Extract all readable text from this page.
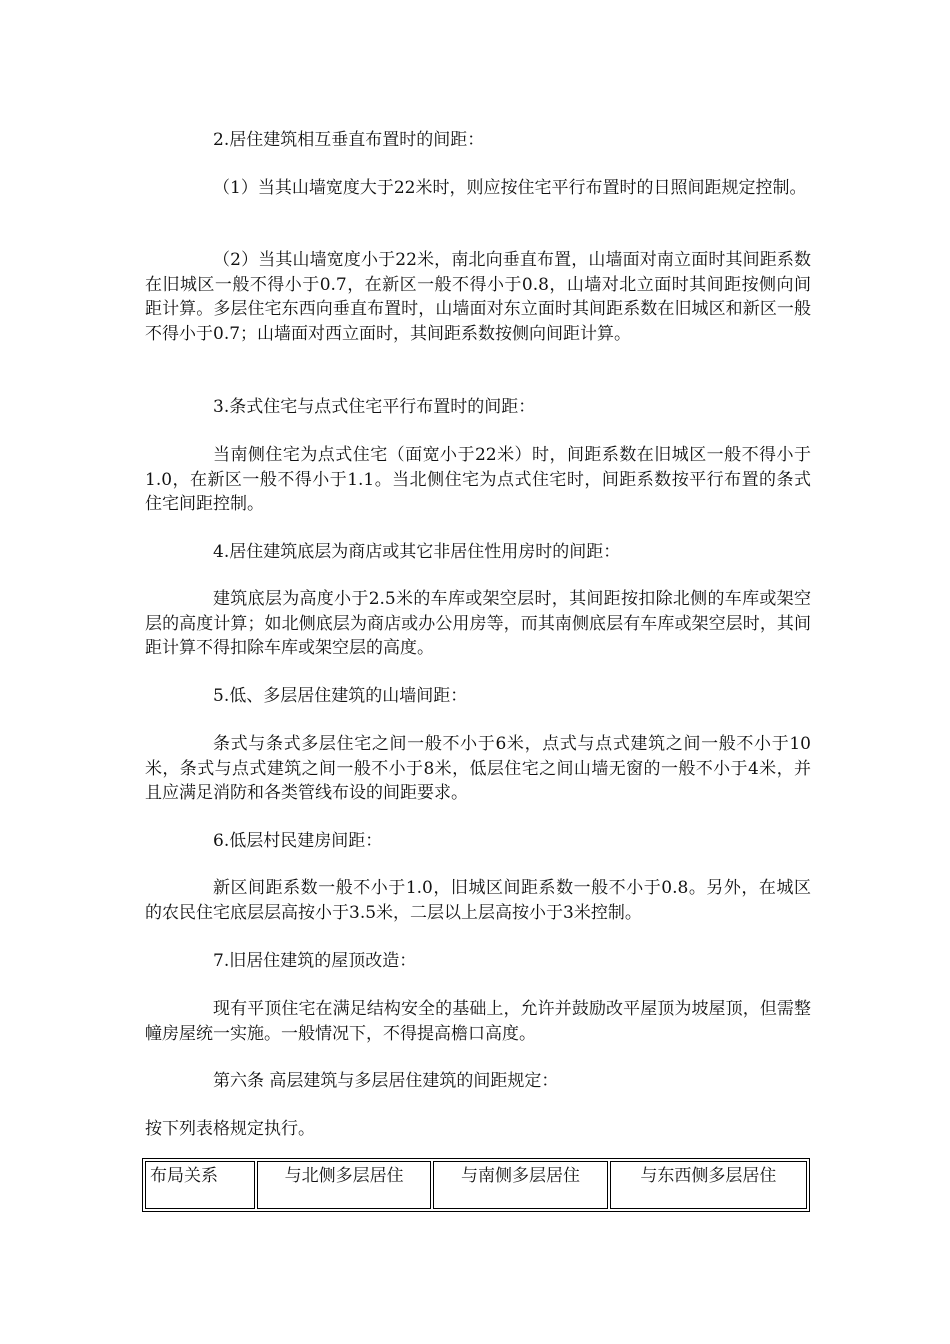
2.居住建筑相互垂直布置时的间距：

（1）当其山墙宽度大于22米时，则应按住宅平行布置时的日照间距规定控制。

（2）当其山墙宽度小于22米，南北向垂直布置，山墙面对南立面时其间距系数在旧城区一般不得小于0.7，在新区一般不得小于0.8，山墙对北立面时其间距按侧向间距计算。多层住宅东西向垂直布置时，山墙面对东立面时其间距系数在旧城区和新区一般不得小于0.7；山墙面对西立面时，其间距系数按侧向间距计算。

3.条式住宅与点式住宅平行布置时的间距：

当南侧住宅为点式住宅（面宽小于22米）时，间距系数在旧城区一般不得小于1.0，在新区一般不得小于1.1。当北侧住宅为点式住宅时，间距系数按平行布置的条式住宅间距控制。

4.居住建筑底层为商店或其它非居住性用房时的间距：

建筑底层为高度小于2.5米的车库或架空层时，其间距按扣除北侧的车库或架空层的高度计算；如北侧底层为商店或办公用房等，而其南侧底层有车库或架空层时，其间距计算不得扣除车库或架空层的高度。

5.低、多层居住建筑的山墙间距：

条式与条式多层住宅之间一般不小于6米，点式与点式建筑之间一般不小于10米，条式与点式建筑之间一般不小于8米，低层住宅之间山墙无窗的一般不小于4米，并且应满足消防和各类管线布设的间距要求。

6.低层村民建房间距：

新区间距系数一般不小于1.0，旧城区间距系数一般不小于0.8。另外，在城区的农民住宅底层层高按小于3.5米，二层以上层高按小于3米控制。

7.旧居住建筑的屋顶改造：

现有平顶住宅在满足结构安全的基础上，允许并鼓励改平屋顶为坡屋顶，但需整幢房屋统一实施。一般情况下，不得提高檐口高度。

第六条 高层建筑与多层居住建筑的间距规定：

按下列表格规定执行。

布局关系	与北侧多层居住	与南侧多层居住	与东西侧多层居住
